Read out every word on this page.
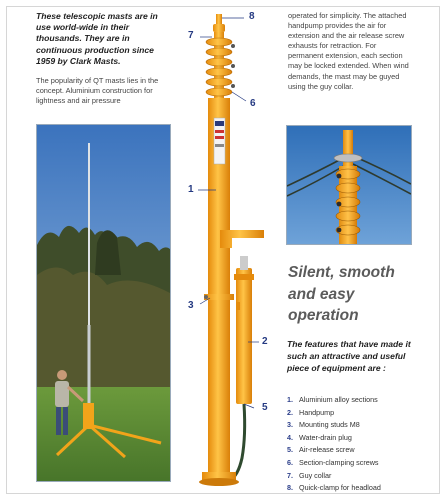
These telescopic masts are in use world-wide in their thousands. They are in continuous production since 1959 by Clark Masts.

The popularity of QT masts lies in the concept. Aluminium construction for lightness and air pressure

8
7
6
1
3
2
5

operated for simplicity. The attached handpump provides the air for extension and the air release screw exhausts for retraction. For permanent extension, each section may be locked extended. When wind demands, the mast may be guyed using the guy collar.

Silent, smooth
and easy
operation

The features that have made it such an attractive and useful piece of equipment are :

1. Aluminium alloy sections
2. Handpump
3. Mounting studs M8
4. Water-drain plug
5. Air-release screw
6. Section-clamping screws
7. Guy collar
8. Quick-clamp for headload
